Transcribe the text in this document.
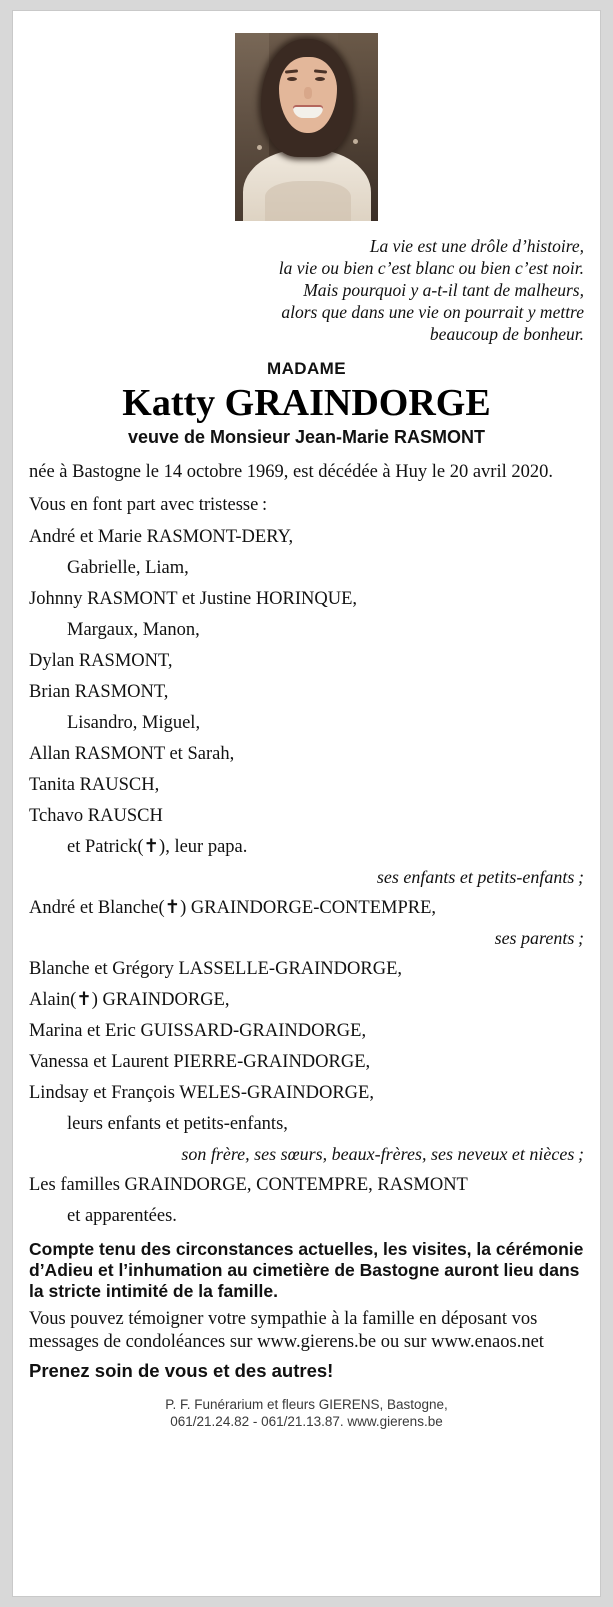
La vie est une drôle d’histoire,
la vie ou bien c’est blanc ou bien c’est noir.
Mais pourquoi y a-t-il tant de malheurs,
alors que dans une vie on pourrait y mettre
beaucoup de bonheur.
MADAME
Katty GRAINDORGE
veuve de Monsieur Jean-Marie RASMONT
née à Bastogne le 14 octobre 1969, est décédée à Huy le 20 avril 2020.
Vous en font part avec tristesse :
André et Marie RASMONT-DERY,
Gabrielle, Liam,
Johnny RASMONT et Justine HORINQUE,
Margaux, Manon,
Dylan RASMONT,
Brian RASMONT,
Lisandro, Miguel,
Allan RASMONT et Sarah,
Tanita RAUSCH,
Tchavo RAUSCH
et Patrick(✝), leur papa.
ses enfants et petits-enfants ;
André et Blanche(✝) GRAINDORGE-CONTEMPRE,
ses parents ;
Blanche et Grégory LASSELLE-GRAINDORGE,
Alain(✝) GRAINDORGE,
Marina et Eric GUISSARD-GRAINDORGE,
Vanessa et Laurent PIERRE-GRAINDORGE,
Lindsay et François WELES-GRAINDORGE,
leurs enfants et petits-enfants,
son frère, ses sœurs, beaux-frères, ses neveux et nièces ;
Les familles GRAINDORGE, CONTEMPRE, RASMONT
et apparentées.
Compte tenu des circonstances actuelles, les visites, la cérémonie d’Adieu et l’inhumation au cimetière de Bastogne auront lieu dans la stricte intimité de la famille.
Vous pouvez témoigner votre sympathie à la famille en déposant vos messages de condoléances sur www.gierens.be ou sur www.enaos.net
Prenez soin de vous et des autres!
P. F. Funérarium et fleurs GIERENS, Bastogne,
061/21.24.82 - 061/21.13.87. www.gierens.be
